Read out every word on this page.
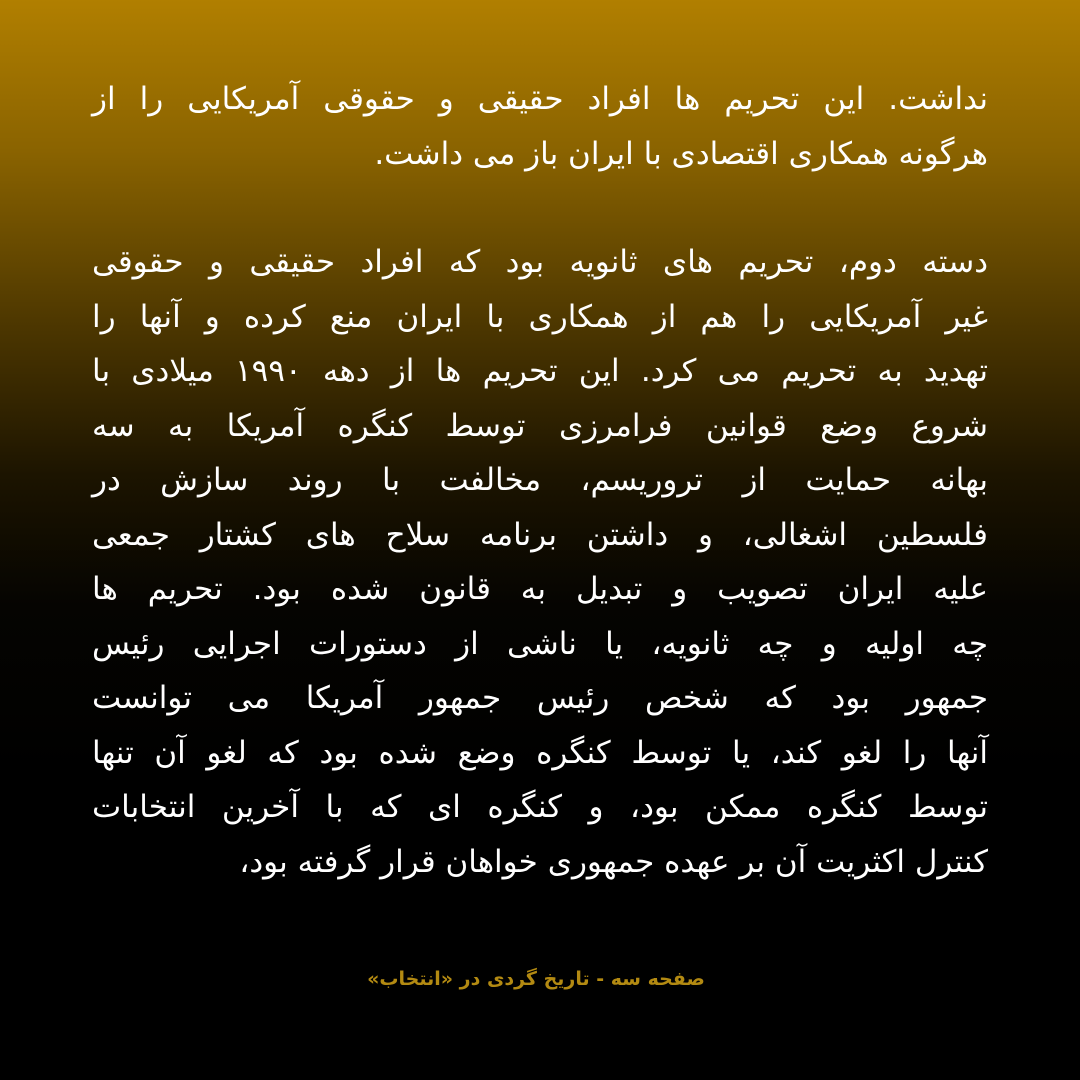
نداشت. این تحریم ها افراد حقیقی و حقوقی آمریکایی را از
هرگونه همکاری اقتصادی با ایران باز می داشت.

دسته دوم، تحریم های ثانویه بود که افراد حقیقی و حقوقی
غیر آمریکایی را هم از همکاری با ایران منع کرده و آنها را
تهدید به تحریم می کرد. این تحریم ها از دهه ۱۹۹۰ میلادی با
شروع وضع قوانین فرامرزی توسط کنگره آمریکا به سه
بهانه حمایت از تروریسم، مخالفت با روند سازش در
فلسطین اشغالی، و داشتن برنامه سلاح های کشتار جمعی
علیه ایران تصویب و تبدیل به قانون شده بود. تحریم ها
چه اولیه و چه ثانویه، یا ناشی از دستورات اجرایی رئیس
جمهور بود که شخص رئیس جمهور آمریکا می توانست
آنها را لغو کند، یا توسط کنگره وضع شده بود که لغو آن تنها
توسط کنگره ممکن بود، و کنگره ای که با آخرین انتخابات
کنترل اکثریت آن بر عهده جمهوری خواهان قرار گرفته بود،

صفحه سه - تاریخ گردی در «انتخاب»
